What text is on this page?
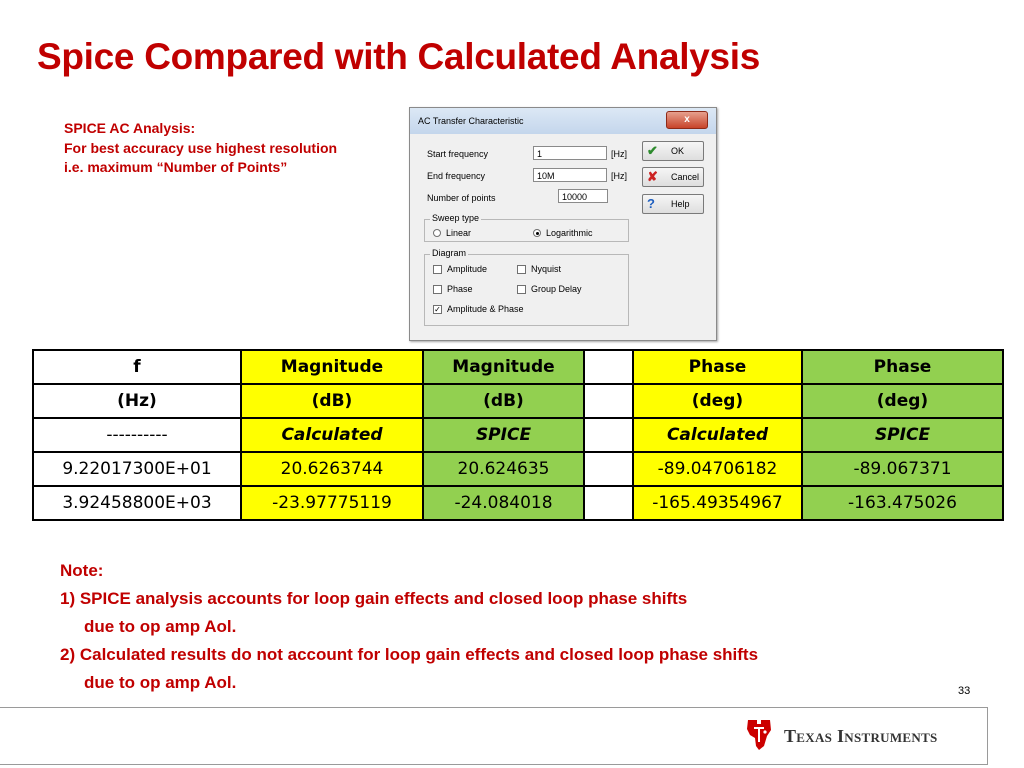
Spice Compared with Calculated Analysis
SPICE AC Analysis:
For best accuracy use highest resolution
i.e. maximum “Number of Points”
AC Transfer Characteristic	x
Start frequency	1	[Hz]
End frequency	10M	[Hz]
Number of points	10000
✔ OK
✘ Cancel
? Help
Sweep type
Linear	Logarithmic
Diagram
Amplitude	Nyquist
Phase	Group Delay
✓ Amplitude & Phase
f	Magnitude	Magnitude		Phase	Phase
(Hz)	(dB)	(dB)		(deg)	(deg)
----------	Calculated	SPICE		Calculated	SPICE
9.22017300E+01	20.6263744	20.624635		-89.04706182	-89.067371
3.92458800E+03	-23.97775119	-24.084018		-165.49354967	-163.475026
Note:
1) SPICE analysis accounts for loop gain effects and closed loop phase shifts
due to op amp Aol.
2) Calculated results do not account for loop gain effects and closed loop phase shifts
due to op amp Aol.	33
Texas Instruments
